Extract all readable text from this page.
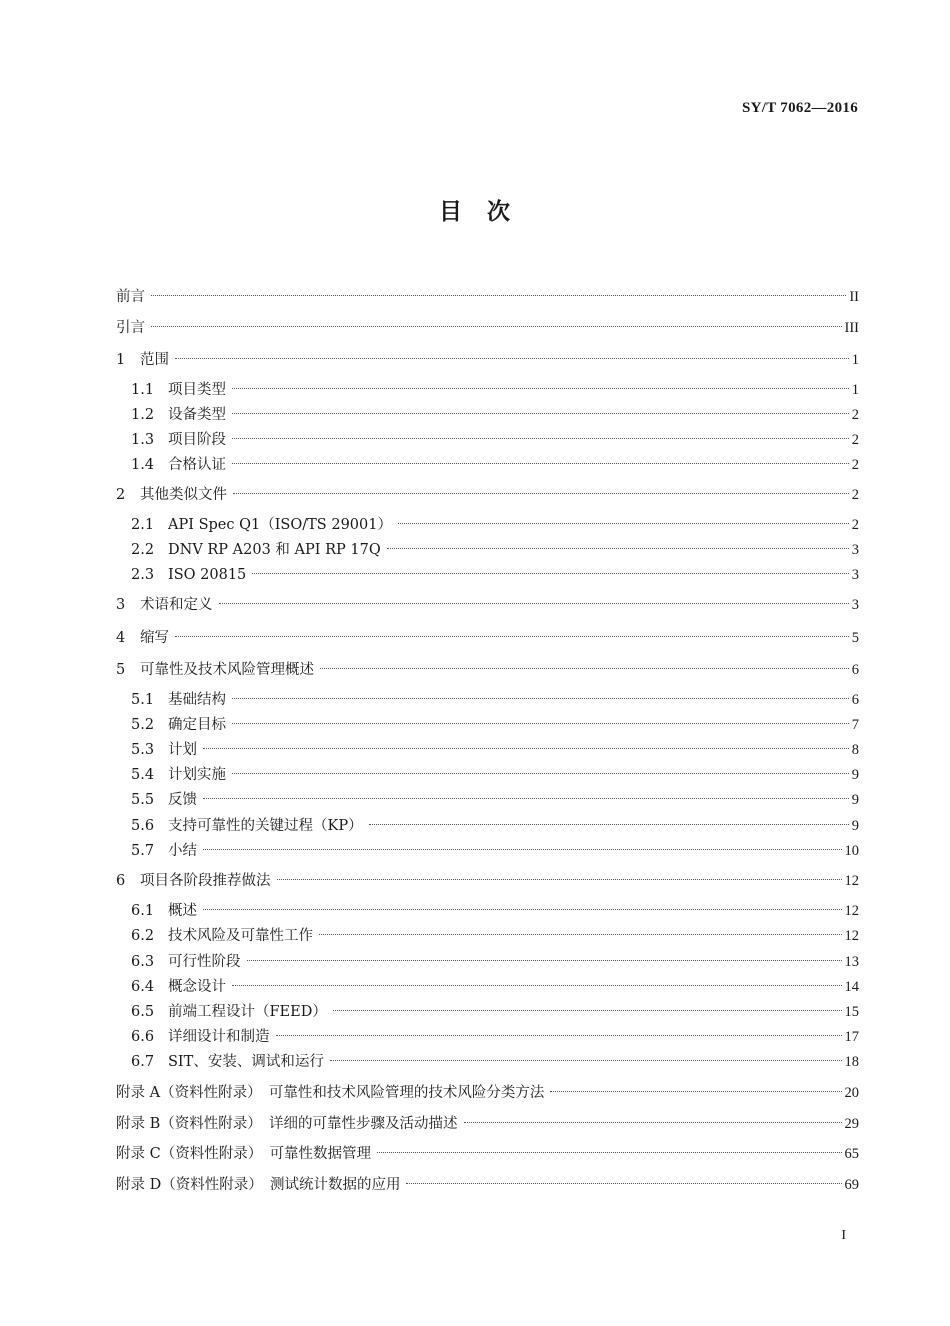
SY/T 7062—2016
目　次
前言	II
引言	III
1	范围	1
1.1 项目类型	1
1.2 设备类型	2
1.3 项目阶段	2
1.4 合格认证	2
2	其他类似文件	2
2.1 API Spec Q1（ISO/TS 29001）	2
2.2 DNV RP A203 和 API RP 17Q	3
2.3 ISO 20815	3
3	术语和定义	3
4	缩写	5
5	可靠性及技术风险管理概述	6
5.1 基础结构	6
5.2 确定目标	7
5.3 计划	8
5.4 计划实施	9
5.5 反馈	9
5.6 支持可靠性的关键过程（KP）	9
5.7 小结	10
6	项目各阶段推荐做法	12
6.1 概述	12
6.2 技术风险及可靠性工作	12
6.3 可行性阶段	13
6.4 概念设计	14
6.5 前端工程设计（FEED）	15
6.6 详细设计和制造	17
6.7 SIT、安装、调试和运行	18
附录 A（资料性附录）　可靠性和技术风险管理的技术风险分类方法	20
附录 B（资料性附录）　详细的可靠性步骤及活动描述	29
附录 C（资料性附录）　可靠性数据管理	65
附录 D（资料性附录）　测试统计数据的应用	69
I
